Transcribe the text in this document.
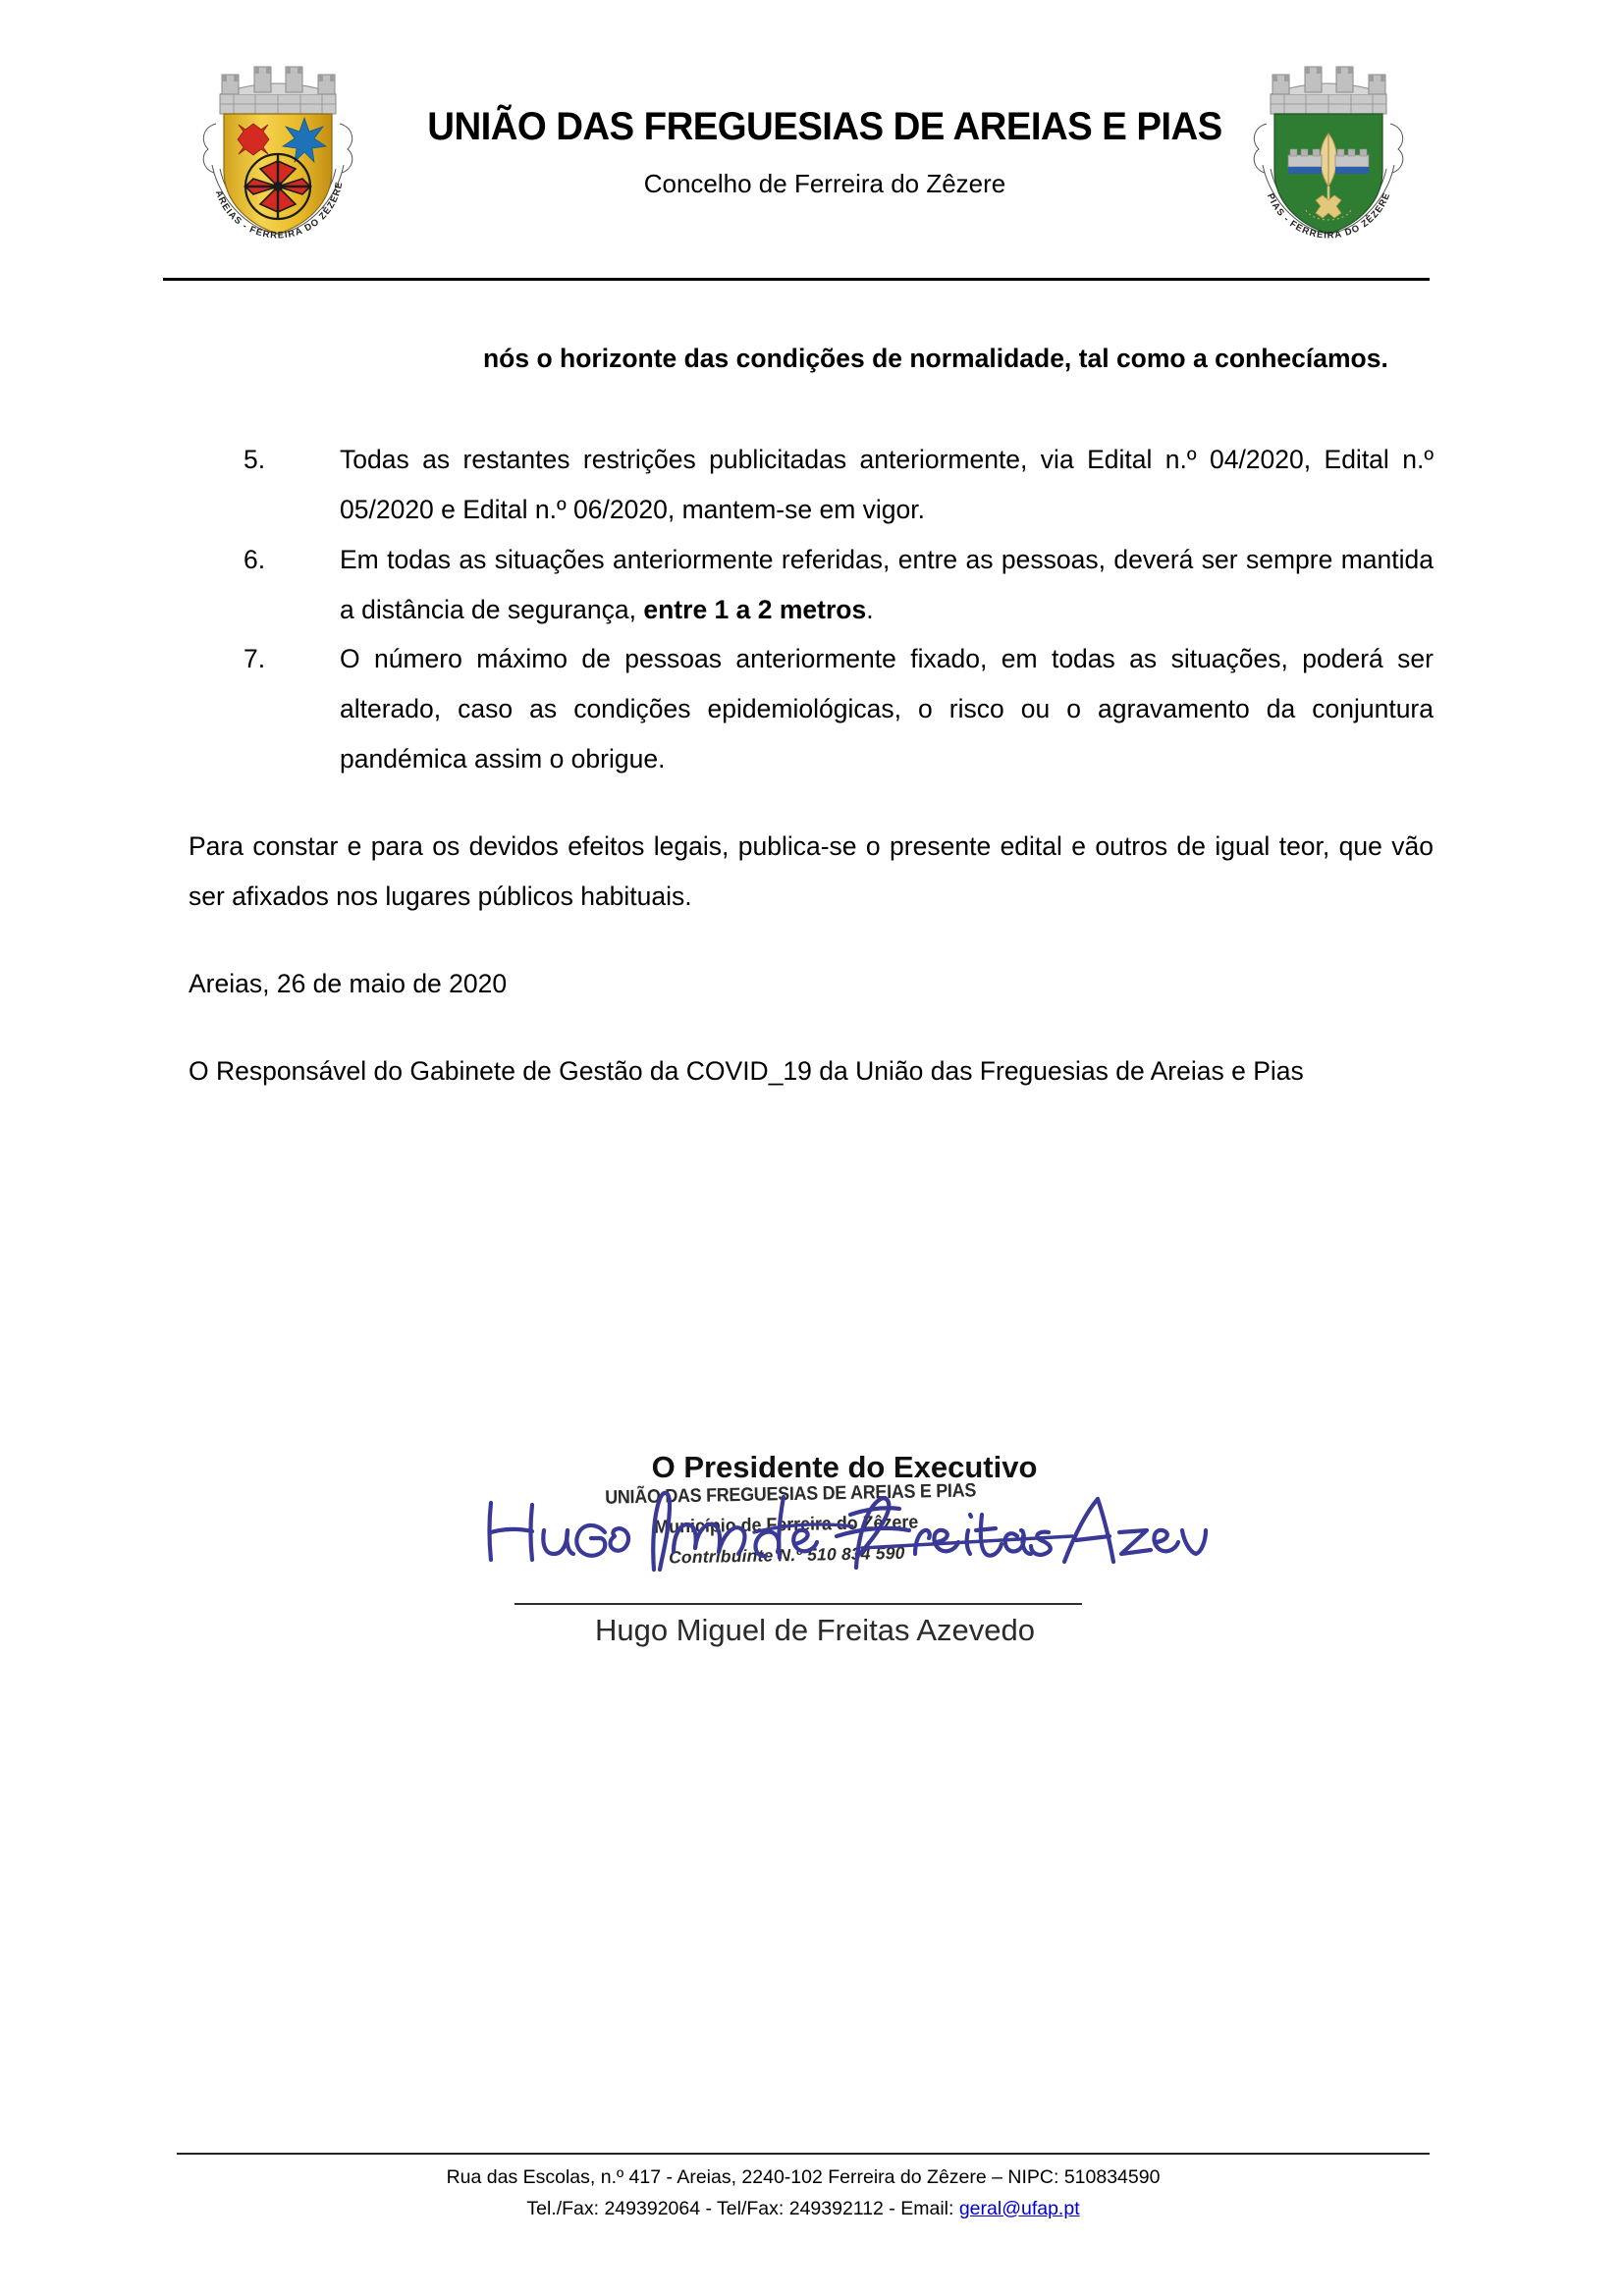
AREIAS - FERREIRA DO ZÊZERE
UNIÃO DAS FREGUESIAS DE AREIAS E PIAS
Concelho de Ferreira do Zêzere	PIAS - FERREIRA DO ZÊZERE

nós o horizonte das condições de normalidade, tal como a conhecíamos.

Todas as restantes restrições publicitadas anteriormente, via Edital n.º 04/2020, Edital n.º 05/2020 e Edital n.º 06/2020, mantem-se em vigor.
Em todas as situações anteriormente referidas, entre as pessoas, deverá ser sempre mantida a distância de segurança, entre 1 a 2 metros.
O número máximo de pessoas anteriormente fixado, em todas as situações, poderá ser alterado, caso as condições epidemiológicas, o risco ou o agravamento da conjuntura pandémica assim o obrigue.

Para constar e para os devidos efeitos legais, publica-se o presente edital e outros de igual teor, que vão ser afixados nos lugares públicos habituais.

Areias, 26 de maio de 2020

O Responsável do Gabinete de Gestão da COVID_19 da União das Freguesias de Areias e Pias

O Presidente do Executivo
UNIÃO DAS FREGUESIAS DE AREIAS E PIAS
Município de Ferreira do Zêzere
Contribuinte N.º 510 834 590
Hugo Miguel de Freitas Azevedo
Rua das Escolas, n.º 417 - Areias, 2240-102 Ferreira do Zêzere – NIPC: 510834590
Tel./Fax: 249392064 - Tel/Fax: 249392112 - Email: geral@ufap.pt
